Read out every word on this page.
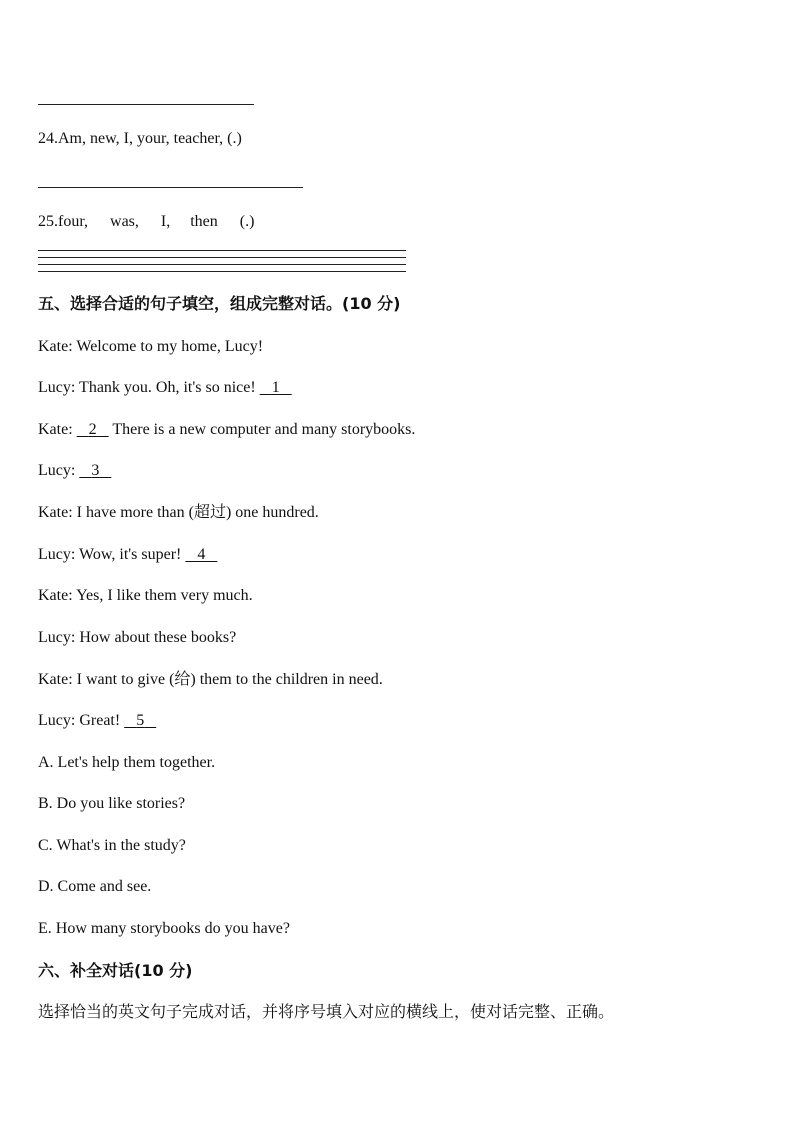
24.Am, new, I, your, teacher, (.)
25.four, was, I, then (.)
五、选择合适的句子填空，组成完整对话。(10 分)
Kate: Welcome to my home, Lucy!
Lucy: Thank you. Oh, it's so nice! 1
Kate: 2 There is a new computer and many storybooks.
Lucy: 3
Kate: I have more than (超过) one hundred.
Lucy: Wow, it's super! 4
Kate: Yes, I like them very much.
Lucy: How about these books?
Kate: I want to give (给) them to the children in need.
Lucy: Great! 5
A. Let's help them together.
B. Do you like stories?
C. What's in the study?
D. Come and see.
E. How many storybooks do you have?
六、补全对话(10 分)
选择恰当的英文句子完成对话，并将序号填入对应的横线上，使对话完整、正确。
